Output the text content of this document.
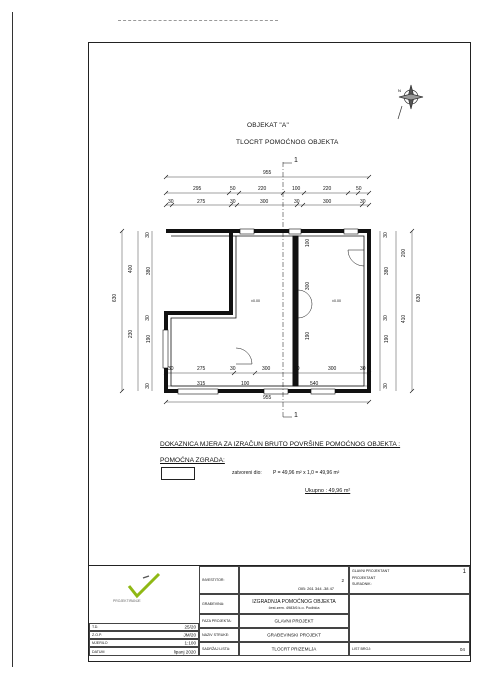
N
OBJEKAT "A"
TLOCRT POMOĆNOG OBJEKTA
1
1
955
295	50	220	100	220	50
30	275	30	300	30	300	30
30	275	30	300	30	300	30
315	100	540
955
630
400
230
30
380
30
190
30
630
200
410
30
380
30
190
30
100
300
190
±0.00	±0.00
DOKAZNICA MJERA ZA IZRAČUN BRUTO POVRŠINE POMOĆNOG OBJEKTA :
POMOĆNA ZGRADA:
zatvoreni dio: P = 49,96 m² x 1,0 = 49,96 m²
Ukupno : 49,96 m²
PROJEKTIRANJE
T.D.	25/20
Z.O.P.	JM/20
MJERILO	1:100
DATUM	lipanj 2020
INVESTITOR:	2
OIB: 261 344 -38 47
GRAĐEVINA:	IZGRADNJA POMOĆNOG OBJEKTA
čest.zem. 4983/6 k.o. Podbića
FAZA PROJEKTA:	GLAVNI PROJEKT
NAZIV STRUKE:	GRAĐEVINSKI PROJEKT
SADRŽAJ LISTA:	TLOCRT PRIZEMLJA
GLAVNI PROJEKTANT
PROJEKTANT
SURADNIK:
1
LIST BROJ:	04
